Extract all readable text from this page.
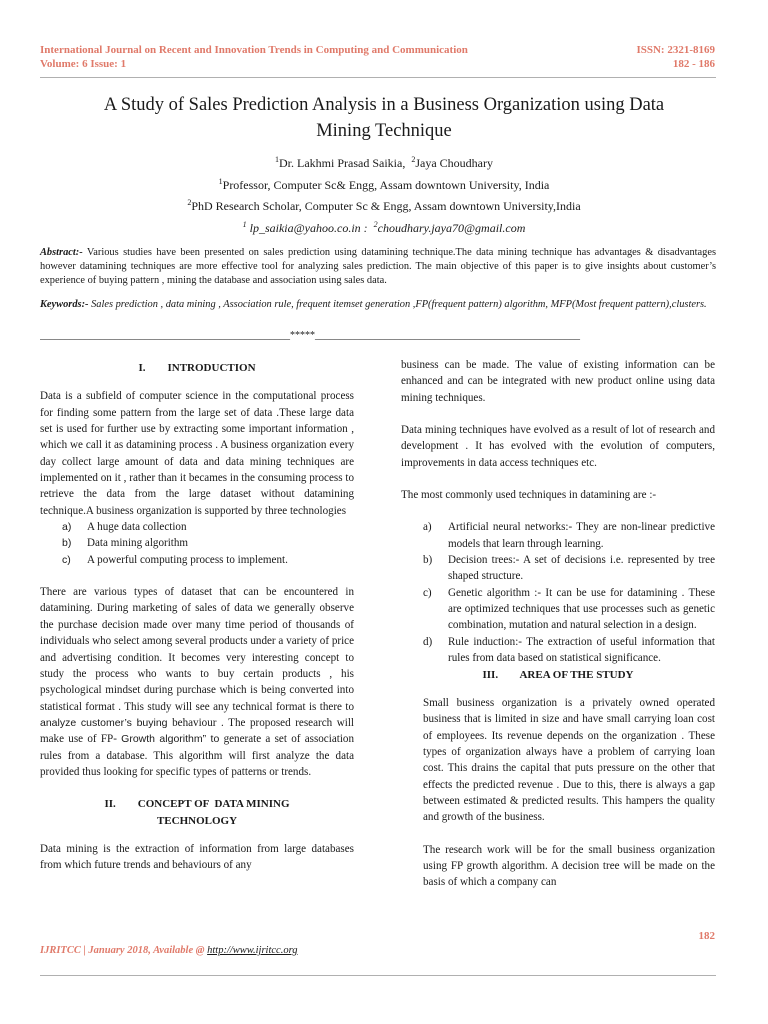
International Journal on Recent and Innovation Trends in Computing and Communication
Volume: 6 Issue: 1
ISSN: 2321-8169
182 - 186
A Study of Sales Prediction Analysis in a Business Organization using Data
Mining Technique
$^1$Dr. Lakhmi Prasad Saikia, $^2$Jaya Choudhary
$^1$Professor, Computer Sc& Engg, Assam downtown University, India
$^2$PhD Research Scholar, Computer Sc & Engg, Assam downtown University,India
$^1$ lp_saikia@yahoo.co.in : $^2$choudhary.jaya70@gmail.com
Abstract:- Various studies have been presented on sales prediction using datamining technique.The data mining technique has advantages & disadvantages however datamining techniques are more effective tool for analyzing sales prediction. The main objective of this paper is to give insights about customer’s experience of buying pattern , mining the database and association using sales data.
Keywords:- Sales prediction , data mining , Association rule, frequent itemset generation ,FP(frequent pattern) algorithm, MFP(Most frequent pattern),clusters.
__________________________________________________*****_____________________________________________________
I.        INTRODUCTION

Data is a subfield of computer science in the computational process for finding some pattern from the large set of data .These large data set is used for further use by extracting some important information , which we call it as datamining process . A business organization every day collect large amount of data and data mining techniques are implemented on it , rather than it becames in the consuming process to retrieve the data from the large dataset without datamining technique.A business organization is supported by three technologies

a)	A huge data collection
b)	Data mining algorithm
c)	A powerful computing process to implement.

There are various types of dataset that can be encountered in datamining. During marketing of sales of data we generally observe the purchase decision made over many time period of thousands of individuals who select among several products under a variety of price and advertising condition. It becomes very interesting concept to study the process who wants to buy certain products , his psychological mindset during purchase which is being converted into statistical format . This study will see any technical format is there to analyze customer’s buying behaviour . The proposed research will make use of FP- Growth algorithm” to generate a set of association rules from a database. This algorithm will first analyze the data provided thus looking for specific types of patterns or trends.

II.        CONCEPT OF  DATA MINING
TECHNOLOGY

Data mining is the extraction of information from large databases from which future trends and behaviours of any

business can be made. The value of existing information can be enhanced and can be integrated with new product online using data mining techniques.

Data mining techniques have evolved as a result of lot of research and development . It has evolved with the evolution of computers, improvements in data access techniques etc.

The most commonly used techniques in datamining are :-

a)	Artificial neural networks:- They are non-linear predictive models that learn through learning.
b)	Decision trees:- A set of decisions i.e. represented by tree shaped structure.
c)	Genetic algorithm :- It can be use for datamining . These are optimized techniques that use processes such as genetic combination, mutation and natural selection in a design.
d)	Rule induction:- The extraction of useful information that rules from data based on statistical significance.
III.        AREA OF THE STUDY

Small business organization is a privately owned operated business that is limited in size and have small carrying loan cost of employees. Its revenue depends on the organization . These types of organization always have a problem of carrying loan cost. This drains the capital that puts pressure on the other that effects the predicted revenue . Due to this, there is always a gap between estimated & predicted results. This hampers the quality and growth of the business.

The research work will be for the small business organization using FP growth algorithm. A decision tree will be made on the basis of which a company can

182
IJRITCC | January 2018, Available @ http://www.ijritcc.org
